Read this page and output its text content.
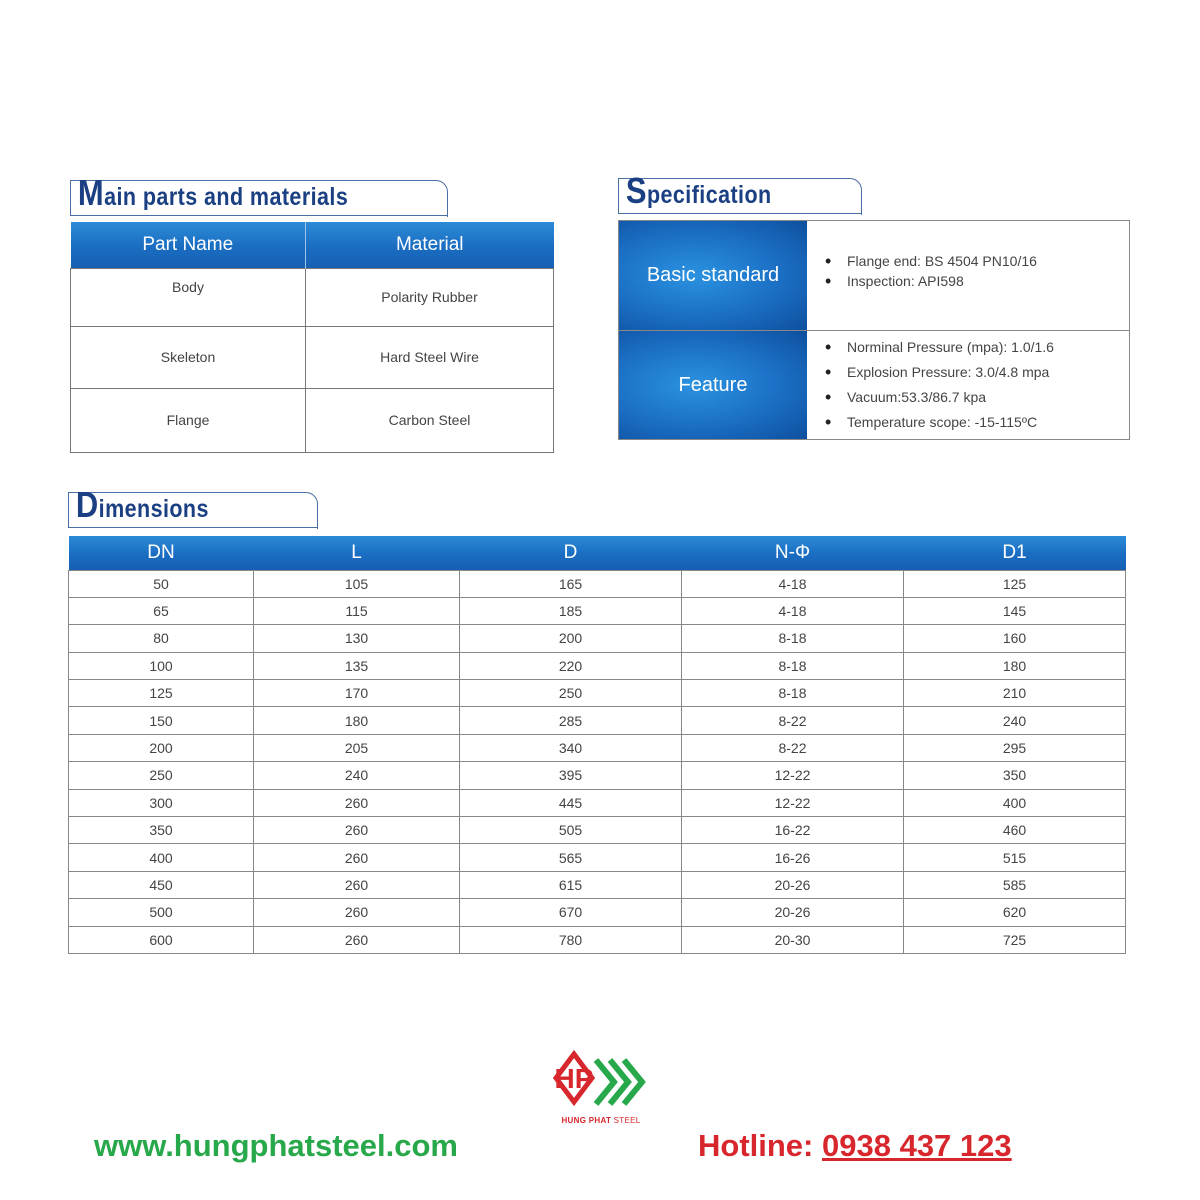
Main parts and materials
Part Name	Material
Body	Polarity Rubber
Skeleton	Hard Steel Wire
Flange	Carbon Steel
Specification
Basic standard
• Flange end: BS 4504 PN10/16
• Inspection: API598
Feature
• Norminal Pressure (mpa): 1.0/1.6
• Explosion Pressure: 3.0/4.8 mpa
• Vacuum:53.3/86.7 kpa
• Temperature scope: -15-115ºC
Dimensions
DN	L	D	N-Φ	D1
50	105	165	4-18	125
65	115	185	4-18	145
80	130	200	8-18	160
100	135	220	8-18	180
125	170	250	8-18	210
150	180	285	8-22	240
200	205	340	8-22	295
250	240	395	12-22	350
300	260	445	12-22	400
350	260	505	16-22	460
400	260	565	16-26	515
450	260	615	20-26	585
500	260	670	20-26	620
600	260	780	20-30	725
HP
HUNG PHAT STEEL
www.hungphatsteel.com	Hotline: 0938 437 123
